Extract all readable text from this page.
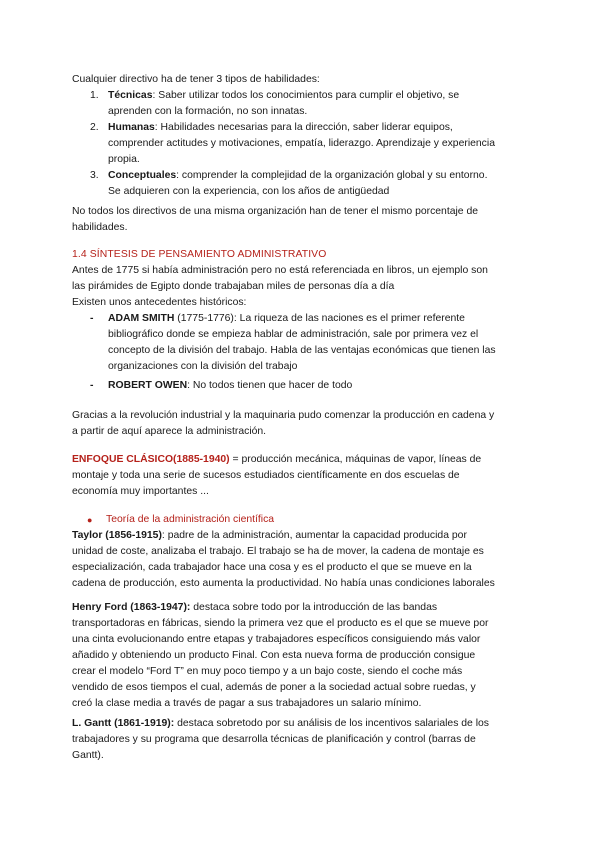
Cualquier directivo ha de tener 3 tipos de habilidades:
1. Técnicas: Saber utilizar todos los conocimientos para cumplir el objetivo, se
aprenden con la formación, no son innatas.
2. Humanas: Habilidades necesarias para la dirección, saber liderar equipos,
comprender actitudes y motivaciones, empatía, liderazgo. Aprendizaje y experiencia
propia.
3. Conceptuales: comprender la complejidad de la organización global y su entorno.
Se adquieren con la experiencia, con los años de antigüedad
No todos los directivos de una misma organización han de tener el mismo porcentaje de
habilidades.
1.4 SÍNTESIS DE PENSAMIENTO ADMINISTRATIVO
Antes de 1775 si había administración pero no está referenciada en libros, un ejemplo son
las pirámides de Egipto donde trabajaban miles de personas día a día
Existen unos antecedentes históricos:
- ADAM SMITH (1775-1776): La riqueza de las naciones es el primer referente
bibliográfico donde se empieza hablar de administración, sale por primera vez el
concepto de la división del trabajo. Habla de las ventajas económicas que tienen las
organizaciones con la división del trabajo
- ROBERT OWEN: No todos tienen que hacer de todo
Gracias a la revolución industrial y la maquinaria pudo comenzar la producción en cadena y
a partir de aquí aparece la administración.
ENFOQUE CLÁSICO(1885-1940) = producción mecánica, máquinas de vapor, líneas de
montaje y toda una serie de sucesos estudiados científicamente en dos escuelas de
economía muy importantes ...
● Teoría de la administración científica
Taylor (1856-1915): padre de la administración, aumentar la capacidad producida por
unidad de coste, analizaba el trabajo. El trabajo se ha de mover, la cadena de montaje es
especialización, cada trabajador hace una cosa y es el producto el que se mueve en la
cadena de producción, esto aumenta la productividad. No había unas condiciones laborales
Henry Ford (1863-1947): destaca sobre todo por la introducción de las bandas
transportadoras en fábricas, siendo la primera vez que el producto es el que se mueve por
una cinta evolucionando entre etapas y trabajadores específicos consiguiendo más valor
añadido y obteniendo un producto Final. Con esta nueva forma de producción consigue
crear el modelo “Ford T” en muy poco tiempo y a un bajo coste, siendo el coche más
vendido de esos tiempos el cual, además de poner a la sociedad actual sobre ruedas, y
creó la clase media a través de pagar a sus trabajadores un salario mínimo.
L. Gantt (1861-1919): destaca sobretodo por su análisis de los incentivos salariales de los
trabajadores y su programa que desarrolla técnicas de planificación y control (barras de
Gantt).
